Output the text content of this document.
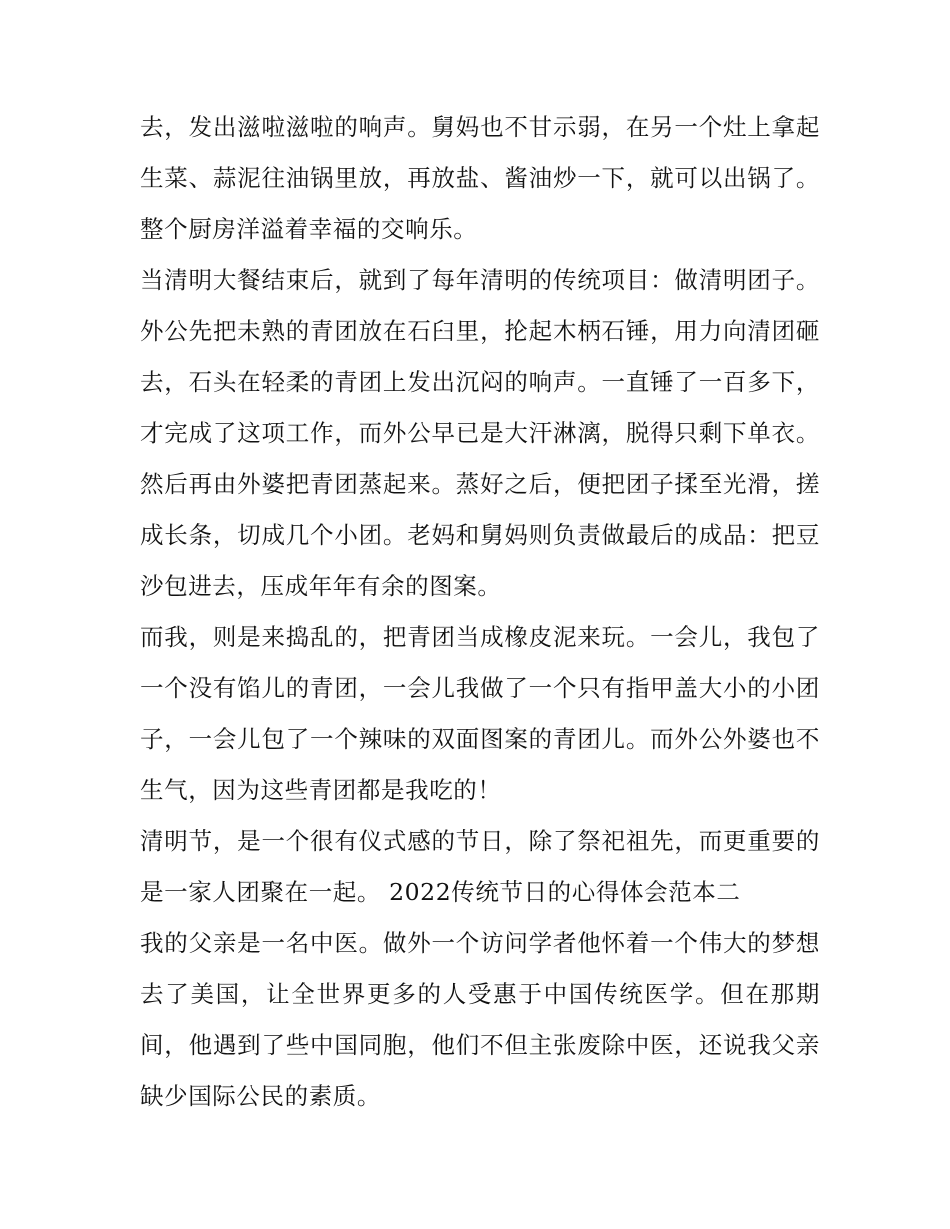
去，发出滋啦滋啦的响声。舅妈也不甘示弱，在另一个灶上拿起生菜、蒜泥往油锅里放，再放盐、酱油炒一下，就可以出锅了。整个厨房洋溢着幸福的交响乐。

当清明大餐结束后，就到了每年清明的传统项目：做清明团子。外公先把未熟的青团放在石臼里，抡起木柄石锤，用力向清团砸去，石头在轻柔的青团上发出沉闷的响声。一直锤了一百多下，才完成了这项工作，而外公早已是大汗淋漓，脱得只剩下单衣。然后再由外婆把青团蒸起来。蒸好之后，便把团子揉至光滑，搓成长条，切成几个小团。老妈和舅妈则负责做最后的成品：把豆沙包进去，压成年年有余的图案。

而我，则是来捣乱的，把青团当成橡皮泥来玩。一会儿，我包了一个没有馅儿的青团，一会儿我做了一个只有指甲盖大小的小团子，一会儿包了一个辣味的双面图案的青团儿。而外公外婆也不生气，因为这些青团都是我吃的！

清明节，是一个很有仪式感的节日，除了祭祀祖先，而更重要的是一家人团聚在一起。 2022传统节日的心得体会范本二

我的父亲是一名中医。做外一个访问学者他怀着一个伟大的梦想去了美国，让全世界更多的人受惠于中国传统医学。但在那期间，他遇到了些中国同胞，他们不但主张废除中医，还说我父亲缺少国际公民的素质。
